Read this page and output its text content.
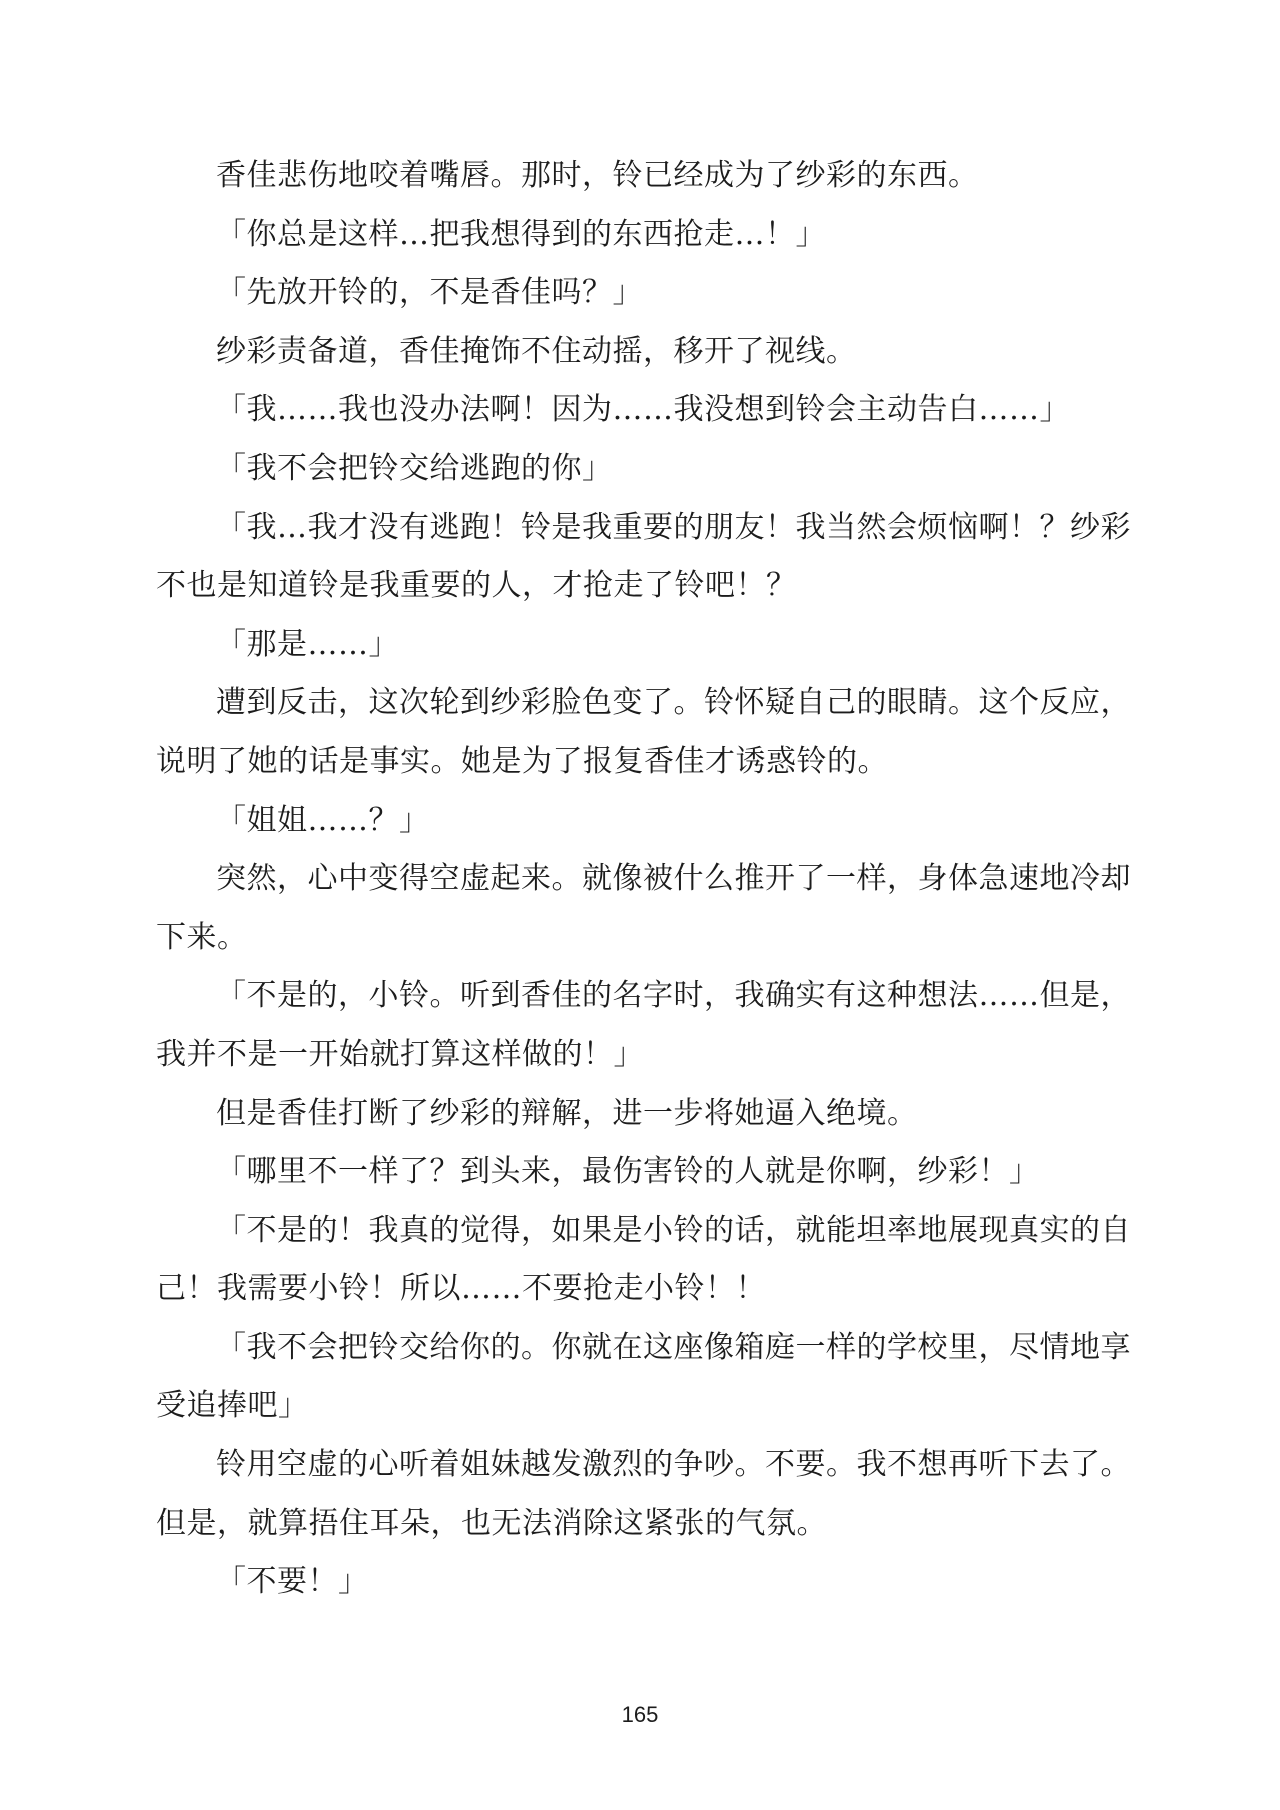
香佳悲伤地咬着嘴唇。那时，铃已经成为了纱彩的东西。

「你总是这样…把我想得到的东西抢走…！」

「先放开铃的，不是香佳吗？」

纱彩责备道，香佳掩饰不住动摇，移开了视线。

「我……我也没办法啊！因为……我没想到铃会主动告白……」

「我不会把铃交给逃跑的你」

「我…我才没有逃跑！铃是我重要的朋友！我当然会烦恼啊！？纱彩不也是知道铃是我重要的人，才抢走了铃吧！？

「那是……」

遭到反击，这次轮到纱彩脸色变了。铃怀疑自己的眼睛。这个反应，说明了她的话是事实。她是为了报复香佳才诱惑铃的。

「姐姐……？」

突然，心中变得空虚起来。就像被什么推开了一样，身体急速地冷却下来。

「不是的，小铃。听到香佳的名字时，我确实有这种想法……但是，我并不是一开始就打算这样做的！」

但是香佳打断了纱彩的辩解，进一步将她逼入绝境。

「哪里不一样了？到头来，最伤害铃的人就是你啊，纱彩！」

「不是的！我真的觉得，如果是小铃的话，就能坦率地展现真实的自己！我需要小铃！所以……不要抢走小铃！！

「我不会把铃交给你的。你就在这座像箱庭一样的学校里，尽情地享受追捧吧」

铃用空虚的心听着姐妹越发激烈的争吵。不要。我不想再听下去了。但是，就算捂住耳朵，也无法消除这紧张的气氛。

「不要！」

165
